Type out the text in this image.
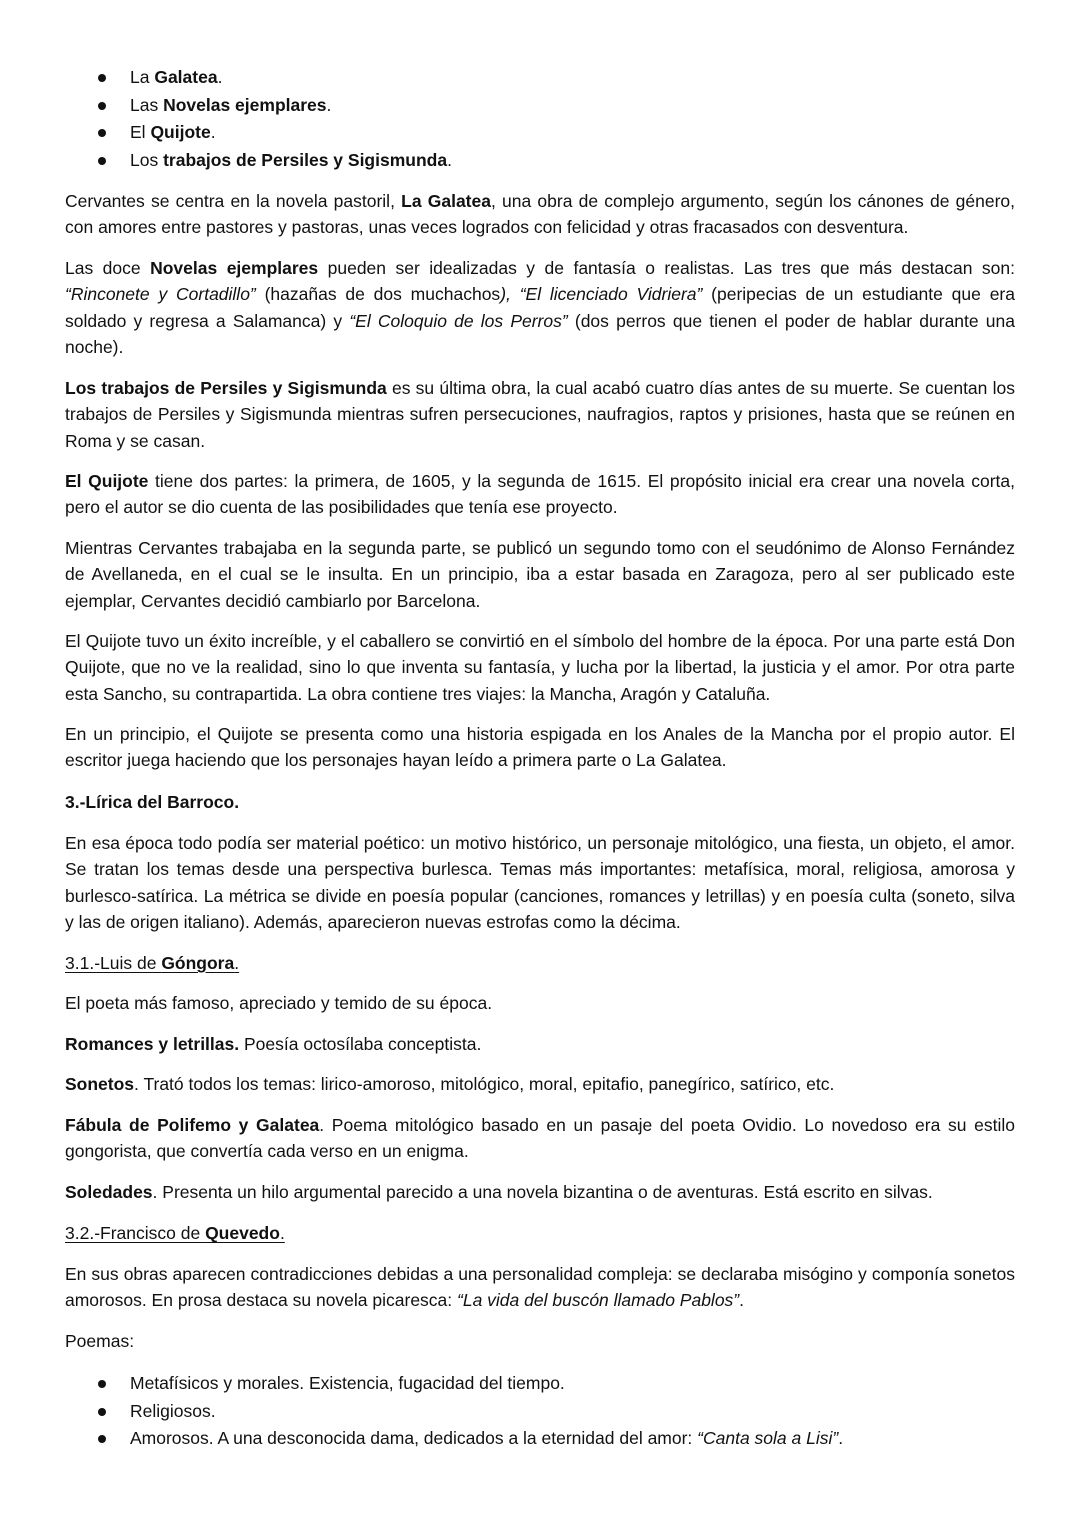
La Galatea.
Las Novelas ejemplares.
El Quijote.
Los trabajos de Persiles y Sigismunda.

Cervantes se centra en la novela pastoril, La Galatea, una obra de complejo argumento, según los cánones de género, con amores entre pastores y pastoras, unas veces logrados con felicidad y otras fracasados con desventura.

Las doce Novelas ejemplares pueden ser idealizadas y de fantasía o realistas. Las tres que más destacan son: “Rinconete y Cortadillo” (hazañas de dos muchachos), “El licenciado Vidriera” (peripecias de un estudiante que era soldado y regresa a Salamanca) y “El Coloquio de los Perros” (dos perros que tienen el poder de hablar durante una noche).

Los trabajos de Persiles y Sigismunda es su última obra, la cual acabó cuatro días antes de su muerte. Se cuentan los trabajos de Persiles y Sigismunda mientras sufren persecuciones, naufragios, raptos y prisiones, hasta que se reúnen en Roma y se casan.

El Quijote tiene dos partes: la primera, de 1605, y la segunda de 1615. El propósito inicial era crear una novela corta, pero el autor se dio cuenta de las posibilidades que tenía ese proyecto.

Mientras Cervantes trabajaba en la segunda parte, se publicó un segundo tomo con el seudónimo de Alonso Fernández de Avellaneda, en el cual se le insulta. En un principio, iba a estar basada en Zaragoza, pero al ser publicado este ejemplar, Cervantes decidió cambiarlo por Barcelona.

El Quijote tuvo un éxito increíble, y el caballero se convirtió en el símbolo del hombre de la época. Por una parte está Don Quijote, que no ve la realidad, sino lo que inventa su fantasía, y lucha por la libertad, la justicia y el amor. Por otra parte esta Sancho, su contrapartida. La obra contiene tres viajes: la Mancha, Aragón y Cataluña.

En un principio, el Quijote se presenta como una historia espigada en los Anales de la Mancha por el propio autor. El escritor juega haciendo que los personajes hayan leído a primera parte o La Galatea.

3.-Lírica del Barroco.

En esa época todo podía ser material poético: un motivo histórico, un personaje mitológico, una fiesta, un objeto, el amor. Se tratan los temas desde una perspectiva burlesca. Temas más importantes: metafísica, moral, religiosa, amorosa y burlesco-satírica. La métrica se divide en poesía popular (canciones, romances y letrillas) y en poesía culta (soneto, silva y las de origen italiano). Además, aparecieron nuevas estrofas como la décima.

3.1.-Luis de Góngora.

El poeta más famoso, apreciado y temido de su época.

Romances y letrillas. Poesía octosílaba conceptista.

Sonetos. Trató todos los temas: lirico-amoroso, mitológico, moral, epitafio, panegírico, satírico, etc.

Fábula de Polifemo y Galatea. Poema mitológico basado en un pasaje del poeta Ovidio. Lo novedoso era su estilo gongorista, que convertía cada verso en un enigma.

Soledades. Presenta un hilo argumental parecido a una novela bizantina o de aventuras. Está escrito en silvas.

3.2.-Francisco de Quevedo.

En sus obras aparecen contradicciones debidas a una personalidad compleja: se declaraba misógino y componía sonetos amorosos. En prosa destaca su novela picaresca: “La vida del buscón llamado Pablos”.

Poemas:

Metafísicos y morales. Existencia, fugacidad del tiempo.
Religiosos.
Amorosos. A una desconocida dama, dedicados a la eternidad del amor: “Canta sola a Lisi”.
